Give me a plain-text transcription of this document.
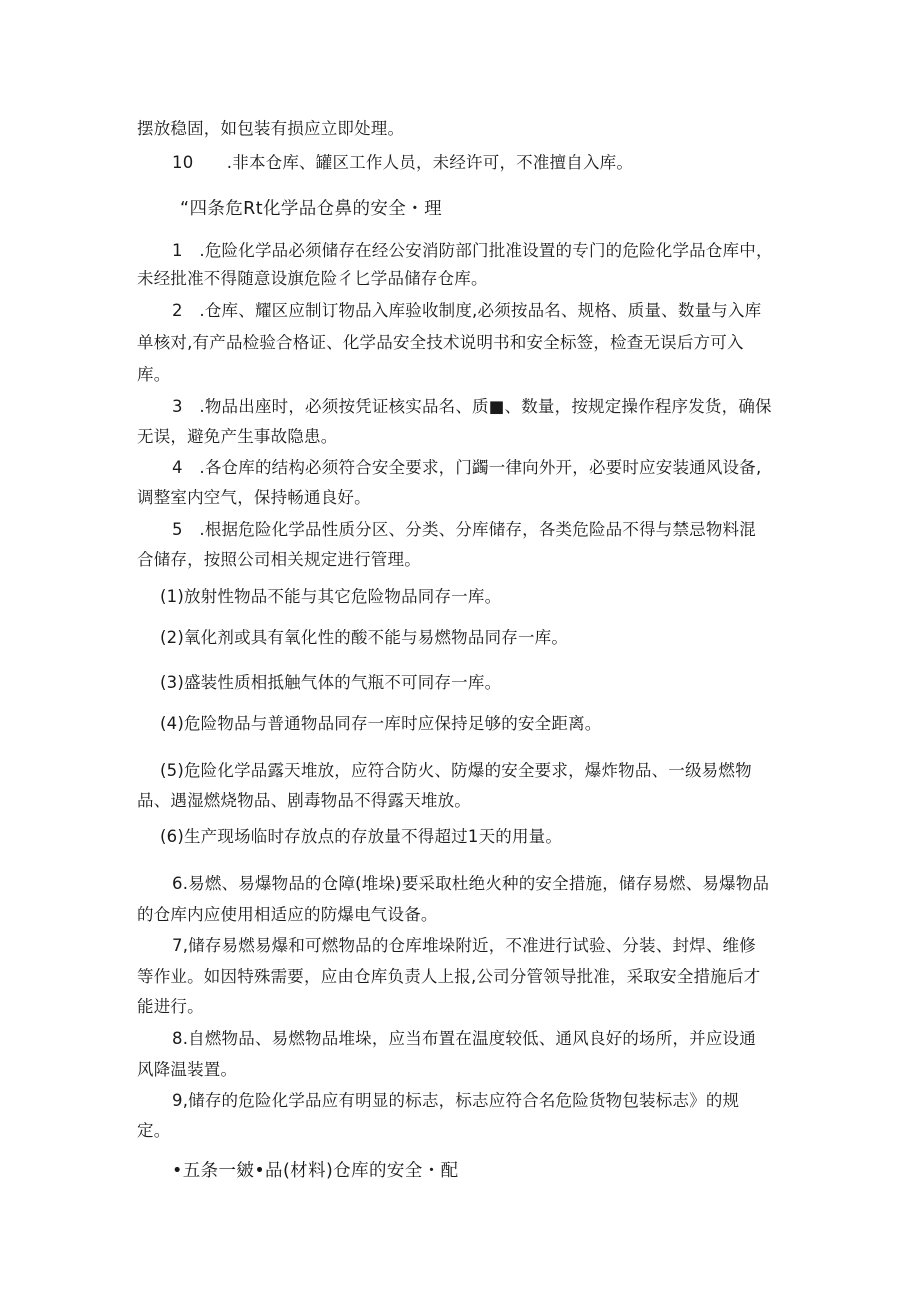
摆放稳固，如包装有损应立即处理。
10　　.非本仓库、罐区工作人员，未经许可，不准擅自入库。
“四条危Rt化学品仓鼻的安全・理
1　.危险化学品必须储存在经公安消防部门批准设置的专门的危险化学品仓库中，
未经批准不得随意设旗危险彳匕学品储存仓库。
2　.仓库、耀区应制订物品入库验收制度,必须按品名、规格、质量、数量与入库
单核对,有产品检验合格证、化学品安全技术说明书和安全标签，检查无误后方可入
库。
3　.物品出座时，必须按凭证核实品名、质■、数量，按规定操作程序发货，确保
无误，避免产生事故隐患。
4　.各仓库的结构必须符合安全要求，门蠲一律向外开，必要时应安装通风设备,
调整室内空气，保持畅通良好。
5　.根据危险化学品性质分区、分类、分库储存，各类危险品不得与禁忌物料混
合储存，按照公司相关规定进行管理。
(1)放射性物品不能与其它危险物品同存一库。
(2)氧化剂或具有氧化性的酸不能与易燃物品同存一库。
(3)盛装性质相抵触气体的气瓶不可同存一库。
(4)危险物品与普通物品同存一库时应保持足够的安全距离。
(5)危险化学品露天堆放，应符合防火、防爆的安全要求，爆炸物品、一级易燃物
品、遇湿燃烧物品、剧毒物品不得露天堆放。
(6)生产现场临时存放点的存放量不得超过1天的用量。
6.易燃、易爆物品的仓障(堆垛)要采取杜绝火种的安全措施，储存易燃、易爆物品
的仓库内应使用相适应的防爆电气设备。
7,储存易燃易爆和可燃物品的仓库堆垛附近，不准进行试验、分装、封焊、维修
等作业。如因特殊需要，应由仓库负责人上报,公司分管领导批准，采取安全措施后才
能进行。
8.自燃物品、易燃物品堆垛，应当布置在温度较低、通风良好的场所，并应设通
风降温装置。
9,储存的危险化学品应有明显的标志，标志应符合名危险货物包装标志》的规
定。
•五条一皴•品(材料)仓库的安全・配
